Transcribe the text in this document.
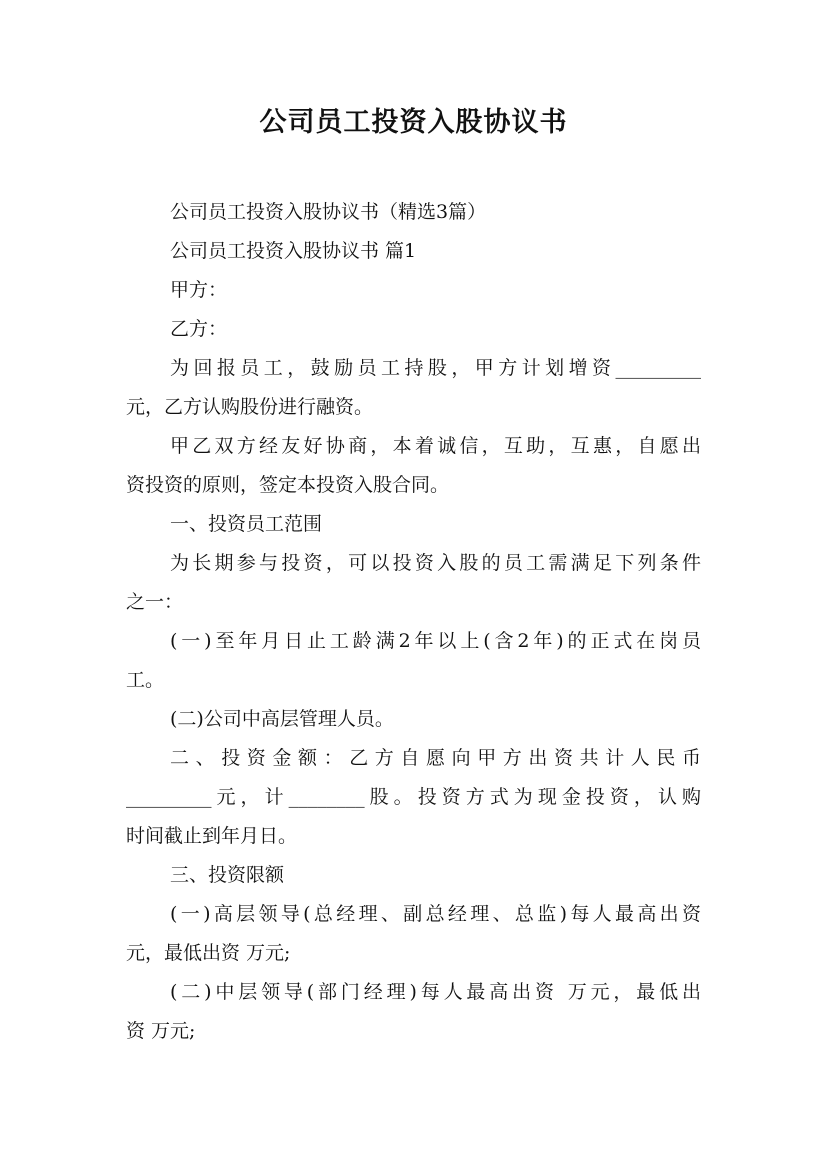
公司员工投资入股协议书
公司员工投资入股协议书（精选3篇）
公司员工投资入股协议书 篇1
甲方：
乙方：
为回报员工，鼓励员工持股，甲方计划增资_________
元，乙方认购股份进行融资。
甲乙双方经友好协商，本着诚信，互助，互惠，自愿出
资投资的原则，签定本投资入股合同。
一、投资员工范围
为长期参与投资，可以投资入股的员工需满足下列条件
之一：
(一)至年月日止工龄满2年以上(含2年)的正式在岗员
工。
(二)公司中高层管理人员。
二、投资金额：乙方自愿向甲方出资共计人民币
_________元，计________股。投资方式为现金投资，认购
时间截止到年月日。
三、投资限额
(一)高层领导(总经理、副总经理、总监)每人最高出资
元，最低出资 万元;
(二)中层领导(部门经理)每人最高出资 万元，最低出
资 万元;
